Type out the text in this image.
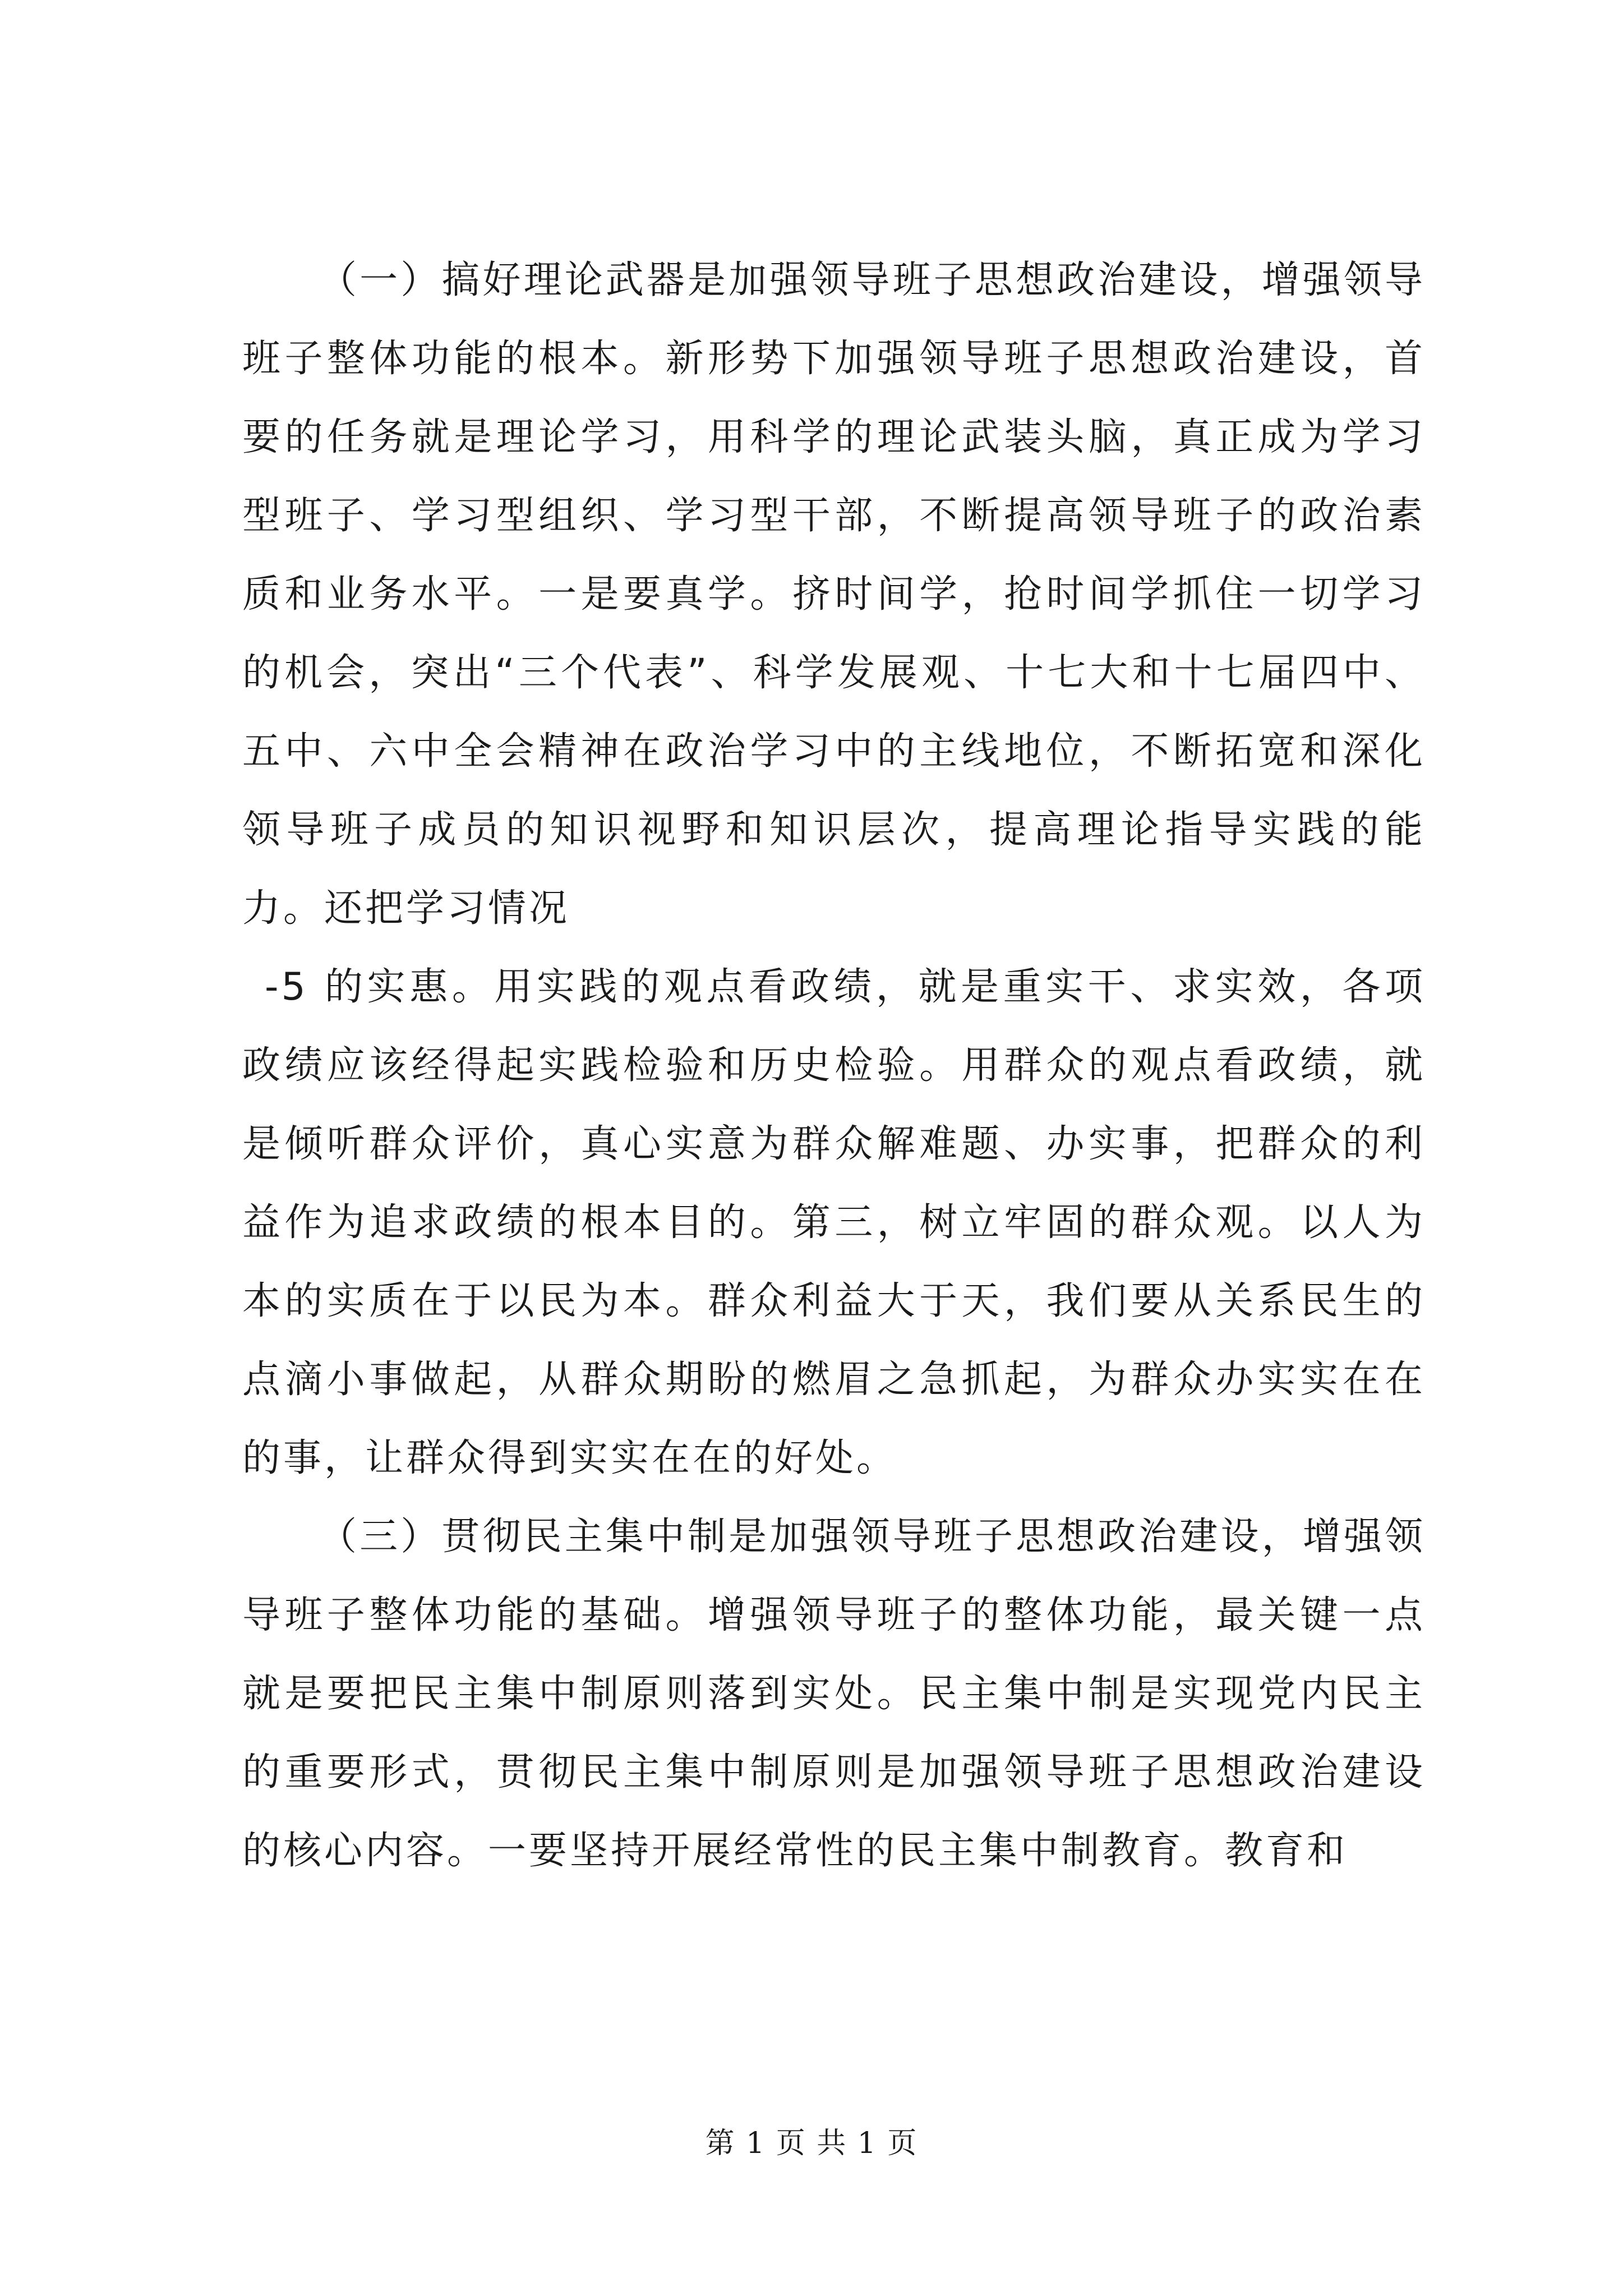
（一）搞好理论武器是加强领导班子思想政治建设，增强领导班子整体功能的根本。新形势下加强领导班子思想政治建设，首要的任务就是理论学习，用科学的理论武装头脑，真正成为学习型班子、学习型组织、学习型干部，不断提高领导班子的政治素质和业务水平。一是要真学。挤时间学，抢时间学抓住一切学习的机会，突出“三个代表”、科学发展观、十七大和十七届四中、五中、六中全会精神在政治学习中的主线地位，不断拓宽和深化领导班子成员的知识视野和知识层次，提高理论指导实践的能力。还把学习情况

-5 的实惠。用实践的观点看政绩，就是重实干、求实效，各项政绩应该经得起实践检验和历史检验。用群众的观点看政绩，就是倾听群众评价，真心实意为群众解难题、办实事，把群众的利益作为追求政绩的根本目的。第三，树立牢固的群众观。以人为本的实质在于以民为本。群众利益大于天，我们要从关系民生的点滴小事做起，从群众期盼的燃眉之急抓起，为群众办实实在在的事，让群众得到实实在在的好处。

（三）贯彻民主集中制是加强领导班子思想政治建设，增强领导班子整体功能的基础。增强领导班子的整体功能，最关键一点就是要把民主集中制原则落到实处。民主集中制是实现党内民主的重要形式，贯彻民主集中制原则是加强领导班子思想政治建设的核心内容。一要坚持开展经常性的民主集中制教育。教育和

第 1 页 共 1 页
